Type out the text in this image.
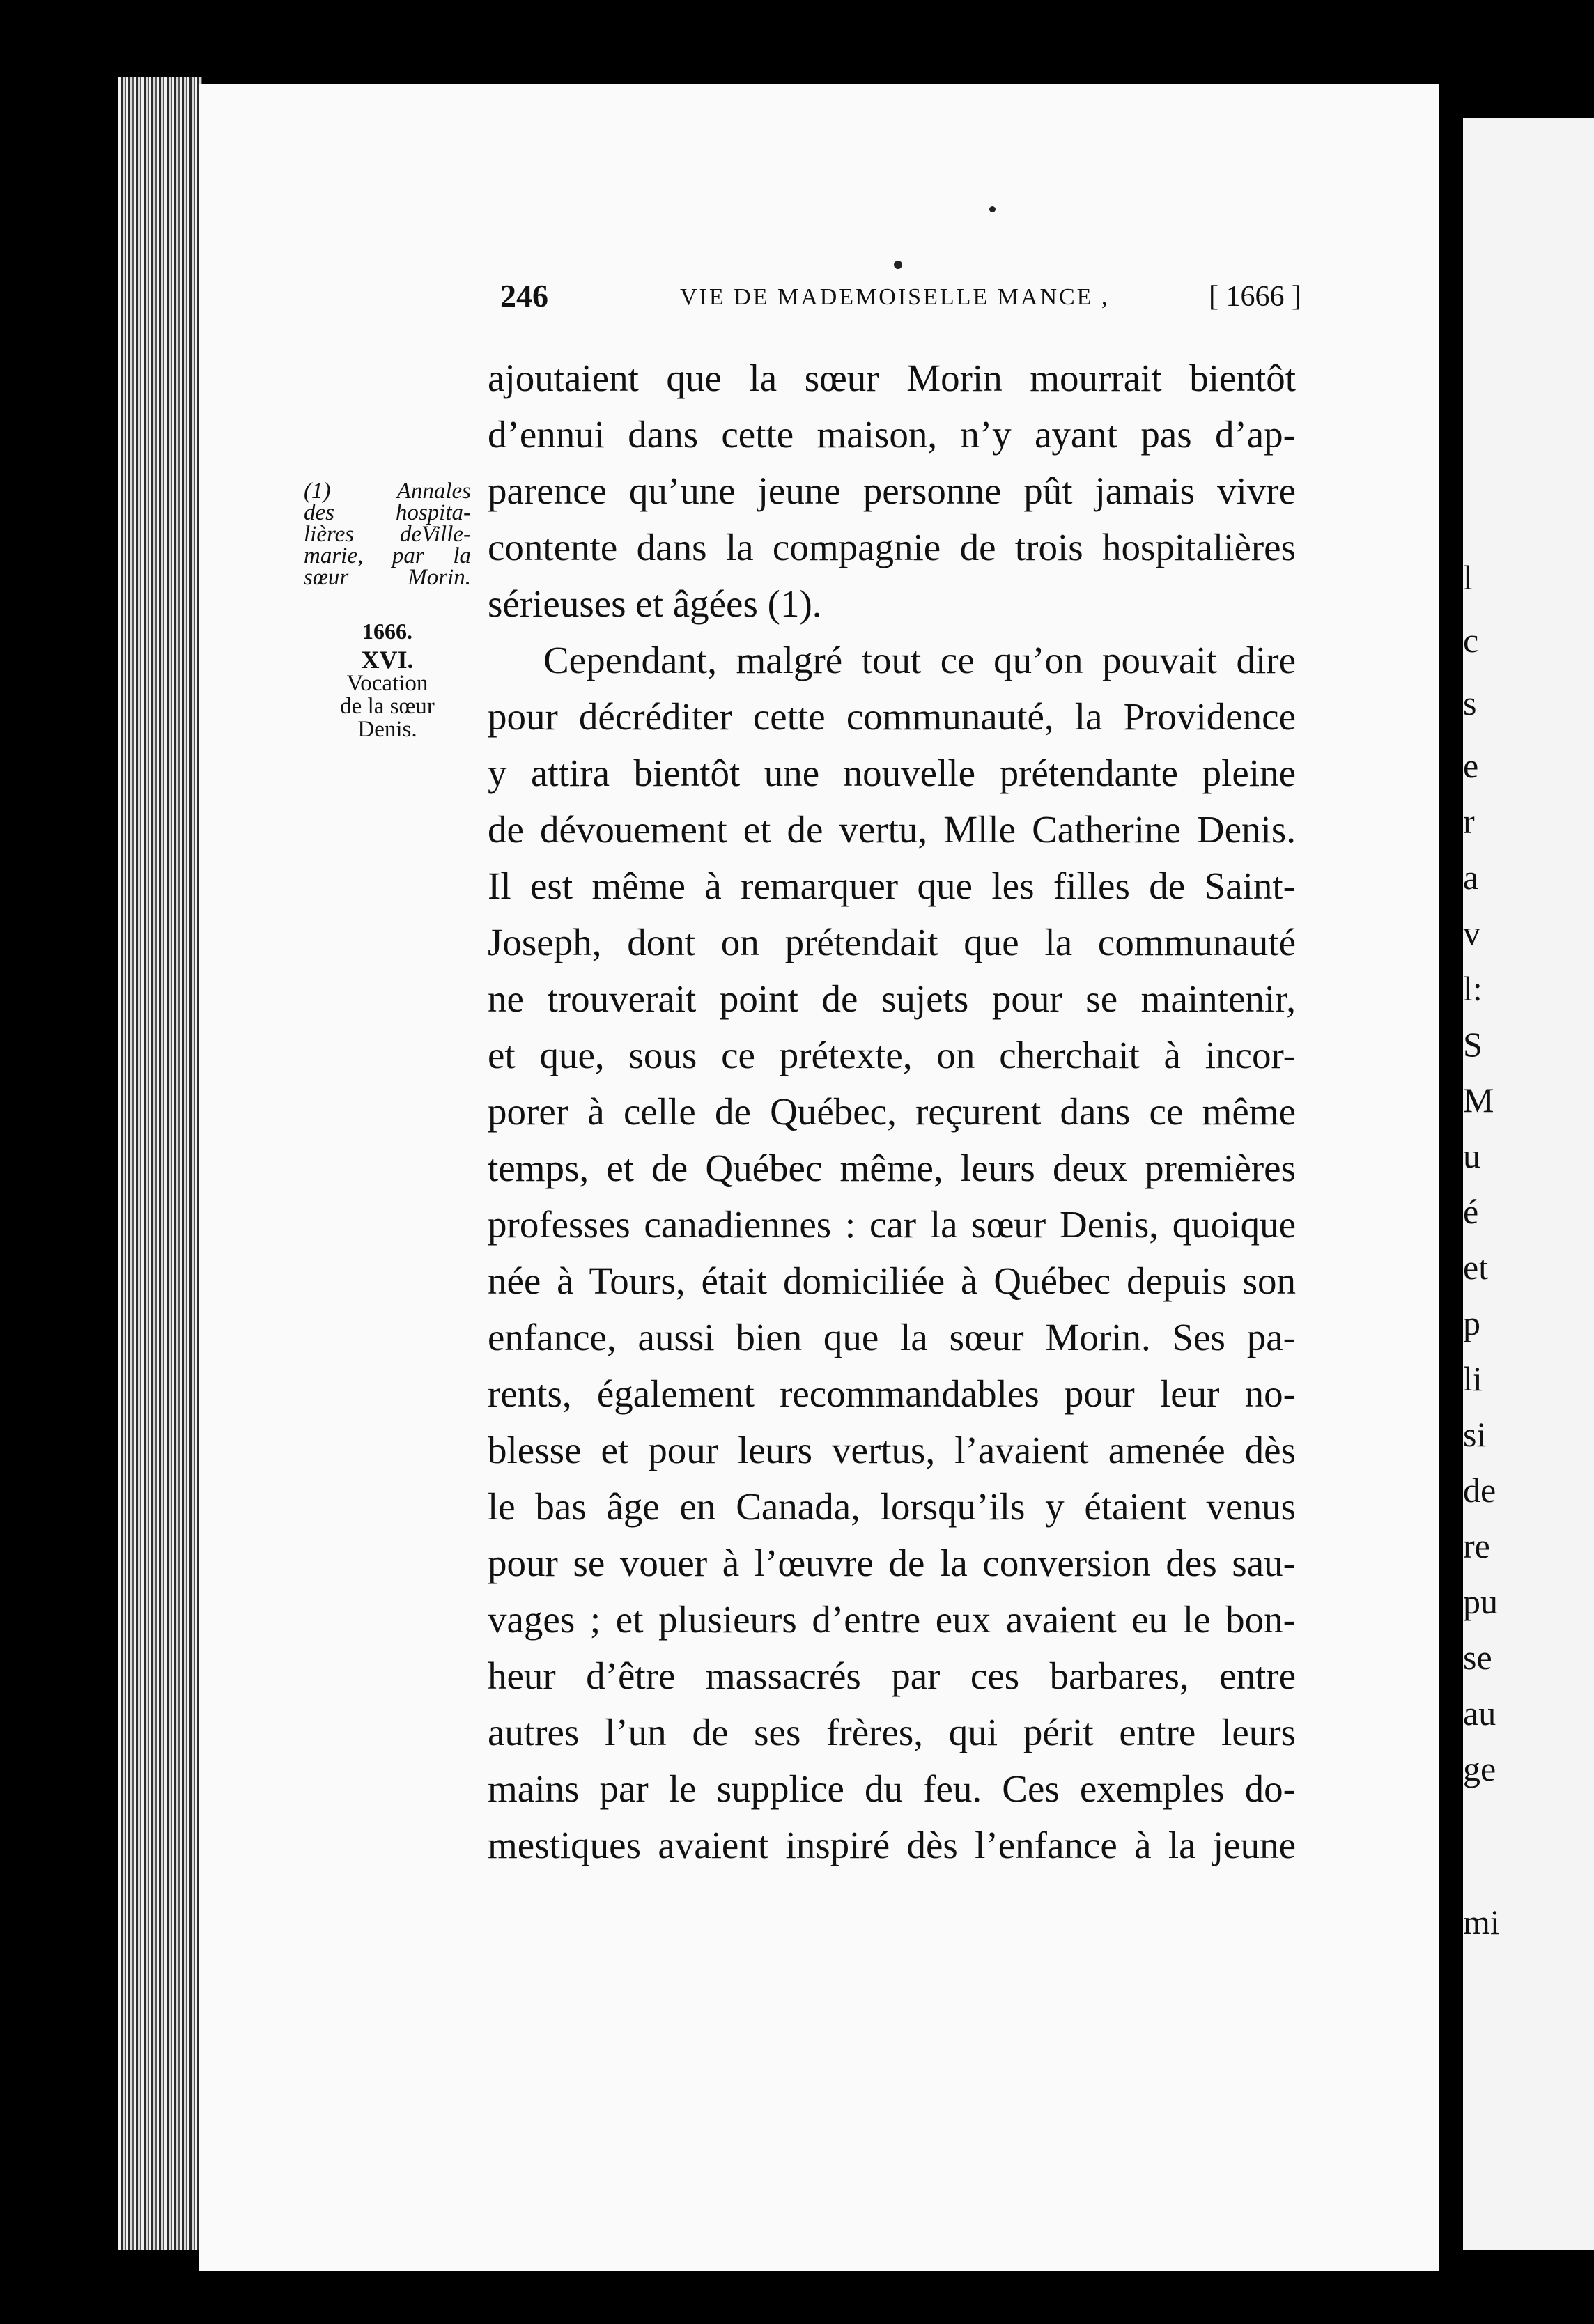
l
c
s
e
r
a
v
l:
S
M
u
é
et
p
li
si
de
re
pu
se
au
ge
mi
246	VIE DE MADEMOISELLE MANCE ,	[ 1666 ]
(1) Annales
des hospita-
lières deVille-
marie, par la
sœur Morin.
1666.
XVI.
Vocation
de la sœur
Denis.
ajoutaient que la sœur Morin mourrait bientôt
d’ennui dans cette maison, n’y ayant pas d’ap-
parence qu’une jeune personne pût jamais vivre
contente dans la compagnie de trois hospitalières
sérieuses et âgées (1).
Cependant, malgré tout ce qu’on pouvait dire
pour décréditer cette communauté, la Providence
y attira bientôt une nouvelle prétendante pleine
de dévouement et de vertu, Mlle Catherine Denis.
Il est même à remarquer que les filles de Saint-
Joseph, dont on prétendait que la communauté
ne trouverait point de sujets pour se maintenir,
et que, sous ce prétexte, on cherchait à incor-
porer à celle de Québec, reçurent dans ce même
temps, et de Québec même, leurs deux premières
professes canadiennes : car la sœur Denis, quoique
née à Tours, était domiciliée à Québec depuis son
enfance, aussi bien que la sœur Morin. Ses pa-
rents, également recommandables pour leur no-
blesse et pour leurs vertus, l’avaient amenée dès
le bas âge en Canada, lorsqu’ils y étaient venus
pour se vouer à l’œuvre de la conversion des sau-
vages ; et plusieurs d’entre eux avaient eu le bon-
heur d’être massacrés par ces barbares, entre
autres l’un de ses frères, qui périt entre leurs
mains par le supplice du feu. Ces exemples do-
mestiques avaient inspiré dès l’enfance à la jeune
